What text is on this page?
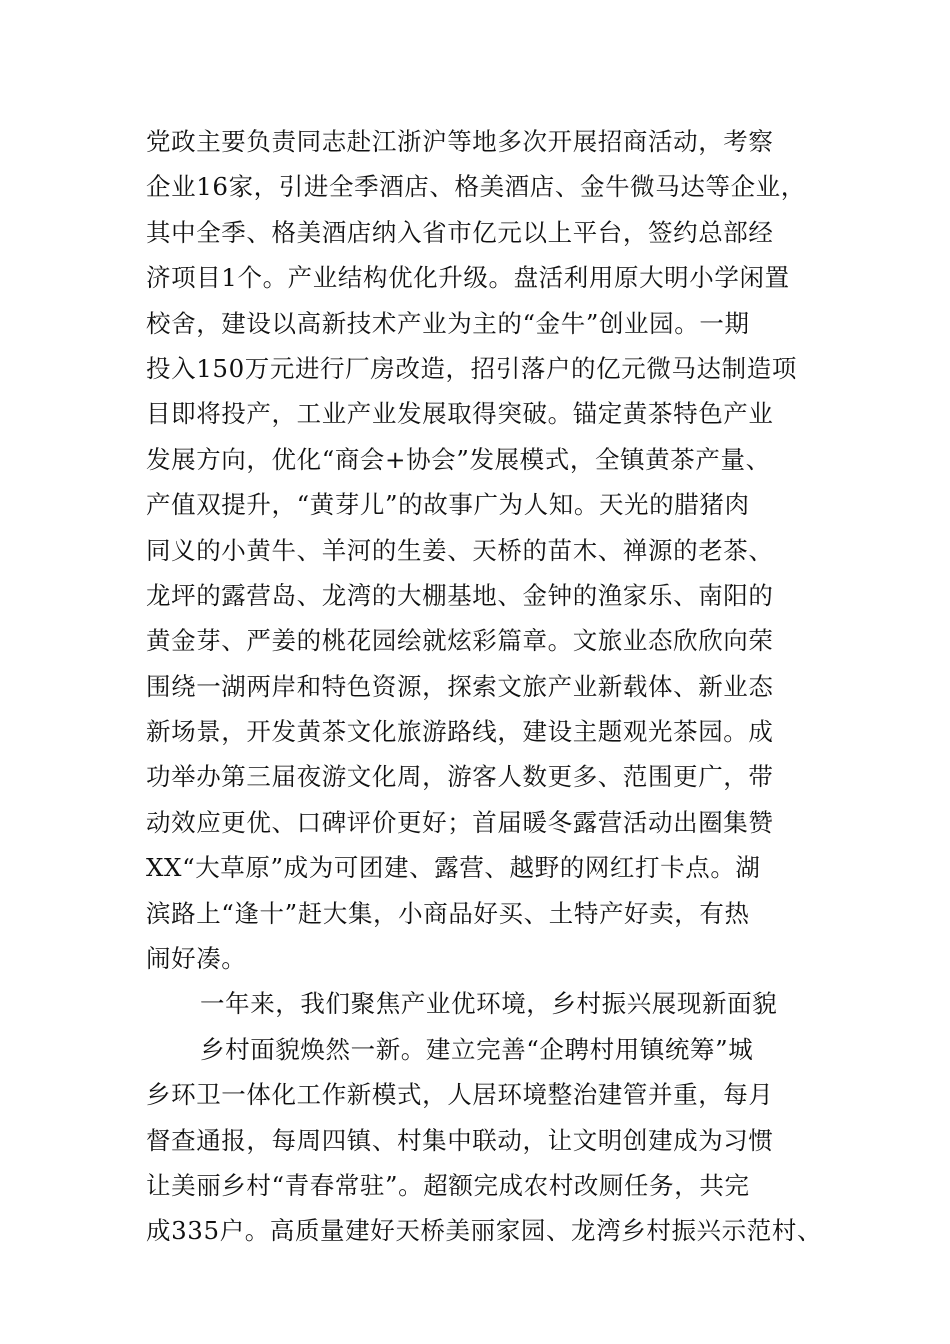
党政主要负责同志赴江浙沪等地多次开展招商活动，考察
企业16家，引进全季酒店、格美酒店、金牛微马达等企业，
其中全季、格美酒店纳入省市亿元以上平台，签约总部经
济项目1个。产业结构优化升级。盘活利用原大明小学闲置
校舍，建设以高新技术产业为主的“金牛”创业园。一期
投入150万元进行厂房改造，招引落户的亿元微马达制造项
目即将投产，工业产业发展取得突破。锚定黄茶特色产业
发展方向，优化“商会+协会”发展模式，全镇黄茶产量、
产值双提升，“黄芽儿”的故事广为人知。天光的腊猪肉
同义的小黄牛、羊河的生姜、天桥的苗木、禅源的老茶、
龙坪的露营岛、龙湾的大棚基地、金钟的渔家乐、南阳的
黄金芽、严姜的桃花园绘就炫彩篇章。文旅业态欣欣向荣
围绕一湖两岸和特色资源，探索文旅产业新载体、新业态
新场景，开发黄茶文化旅游路线，建设主题观光茶园。成
功举办第三届夜游文化周，游客人数更多、范围更广，带
动效应更优、口碑评价更好；首届暖冬露营活动出圈集赞
XX“大草原”成为可团建、露营、越野的网红打卡点。湖
滨路上“逢十”赶大集，小商品好买、土特产好卖，有热
闹好凑。
一年来，我们聚焦产业优环境，乡村振兴展现新面貌
乡村面貌焕然一新。建立完善“企聘村用镇统筹”城
乡环卫一体化工作新模式，人居环境整治建管并重，每月
督查通报，每周四镇、村集中联动，让文明创建成为习惯
让美丽乡村“青春常驻”。超额完成农村改厕任务，共完
成335户。高质量建好天桥美丽家园、龙湾乡村振兴示范村、
